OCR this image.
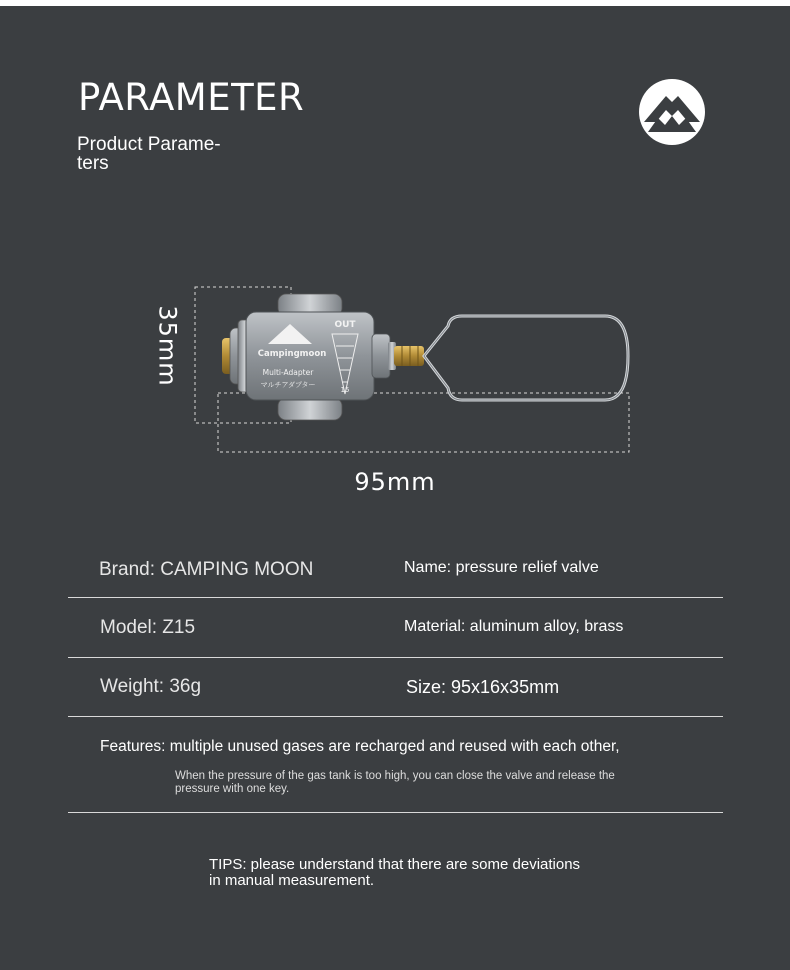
PARAMETER
Product Parame- ters
35mm	OUT
Campingmoon
Multi-Adapter
マルチアダプター
15
95mm
Brand: CAMPING MOON	Name: pressure relief valve
Model: Z15	Material: aluminum alloy, brass
Weight: 36g	Size: 95x16x35mm
Features: multiple unused gases are recharged and reused with each other,
When the pressure of the gas tank is too high, you can close the valve and release the pressure with one key.
TIPS: please understand that there are some deviations in manual measurement.
